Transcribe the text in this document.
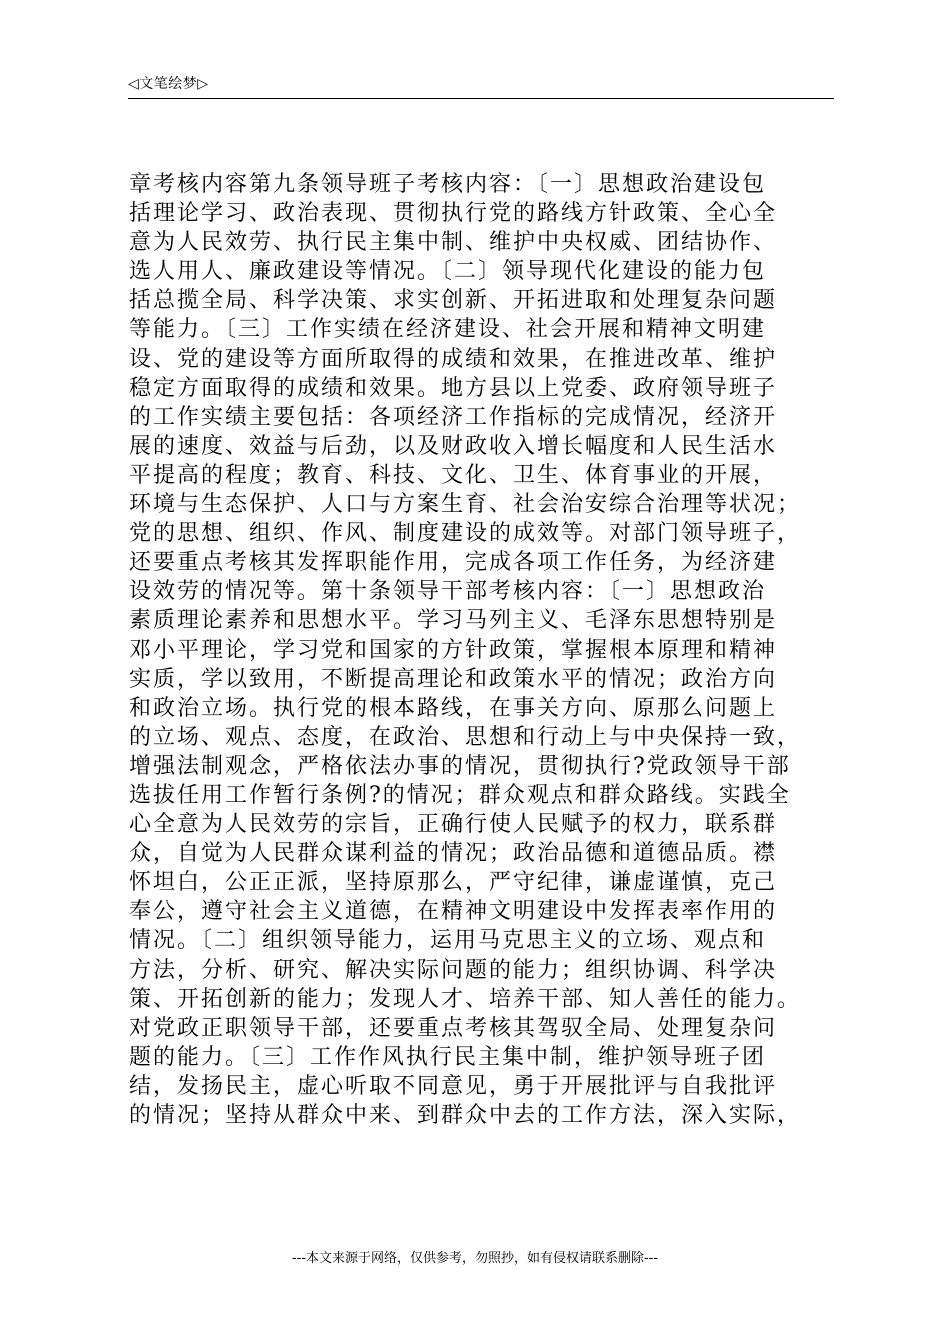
◁文笔绘梦▷
章考核内容第九条领导班子考核内容：〔一〕思想政治建设包
括理论学习、政治表现、贯彻执行党的路线方针政策、全心全
意为人民效劳、执行民主集中制、维护中央权威、团结协作、
选人用人、廉政建设等情况。〔二〕领导现代化建设的能力包
括总揽全局、科学决策、求实创新、开拓进取和处理复杂问题
等能力。〔三〕工作实绩在经济建设、社会开展和精神文明建
设、党的建设等方面所取得的成绩和效果，在推进改革、维护
稳定方面取得的成绩和效果。地方县以上党委、政府领导班子
的工作实绩主要包括：各项经济工作指标的完成情况，经济开
展的速度、效益与后劲，以及财政收入增长幅度和人民生活水
平提高的程度；教育、科技、文化、卫生、体育事业的开展，
环境与生态保护、人口与方案生育、社会治安综合治理等状况；
党的思想、组织、作风、制度建设的成效等。对部门领导班子，
还要重点考核其发挥职能作用，完成各项工作任务，为经济建
设效劳的情况等。第十条领导干部考核内容：〔一〕思想政治
素质理论素养和思想水平。学习马列主义、毛泽东思想特别是
邓小平理论，学习党和国家的方针政策，掌握根本原理和精神
实质，学以致用，不断提高理论和政策水平的情况；政治方向
和政治立场。执行党的根本路线，在事关方向、原那么问题上
的立场、观点、态度，在政治、思想和行动上与中央保持一致，
增强法制观念，严格依法办事的情况，贯彻执行?党政领导干部
选拔任用工作暂行条例?的情况；群众观点和群众路线。实践全
心全意为人民效劳的宗旨，正确行使人民赋予的权力，联系群
众，自觉为人民群众谋利益的情况；政治品德和道德品质。襟
怀坦白，公正正派，坚持原那么，严守纪律，谦虚谨慎，克己
奉公，遵守社会主义道德，在精神文明建设中发挥表率作用的
情况。〔二〕组织领导能力，运用马克思主义的立场、观点和
方法，分析、研究、解决实际问题的能力；组织协调、科学决
策、开拓创新的能力；发现人才、培养干部、知人善任的能力。
对党政正职领导干部，还要重点考核其驾驭全局、处理复杂问
题的能力。〔三〕工作作风执行民主集中制，维护领导班子团
结，发扬民主，虚心听取不同意见，勇于开展批评与自我批评
的情况；坚持从群众中来、到群众中去的工作方法，深入实际，
---本文来源于网络，仅供参考，勿照抄，如有侵权请联系删除---
